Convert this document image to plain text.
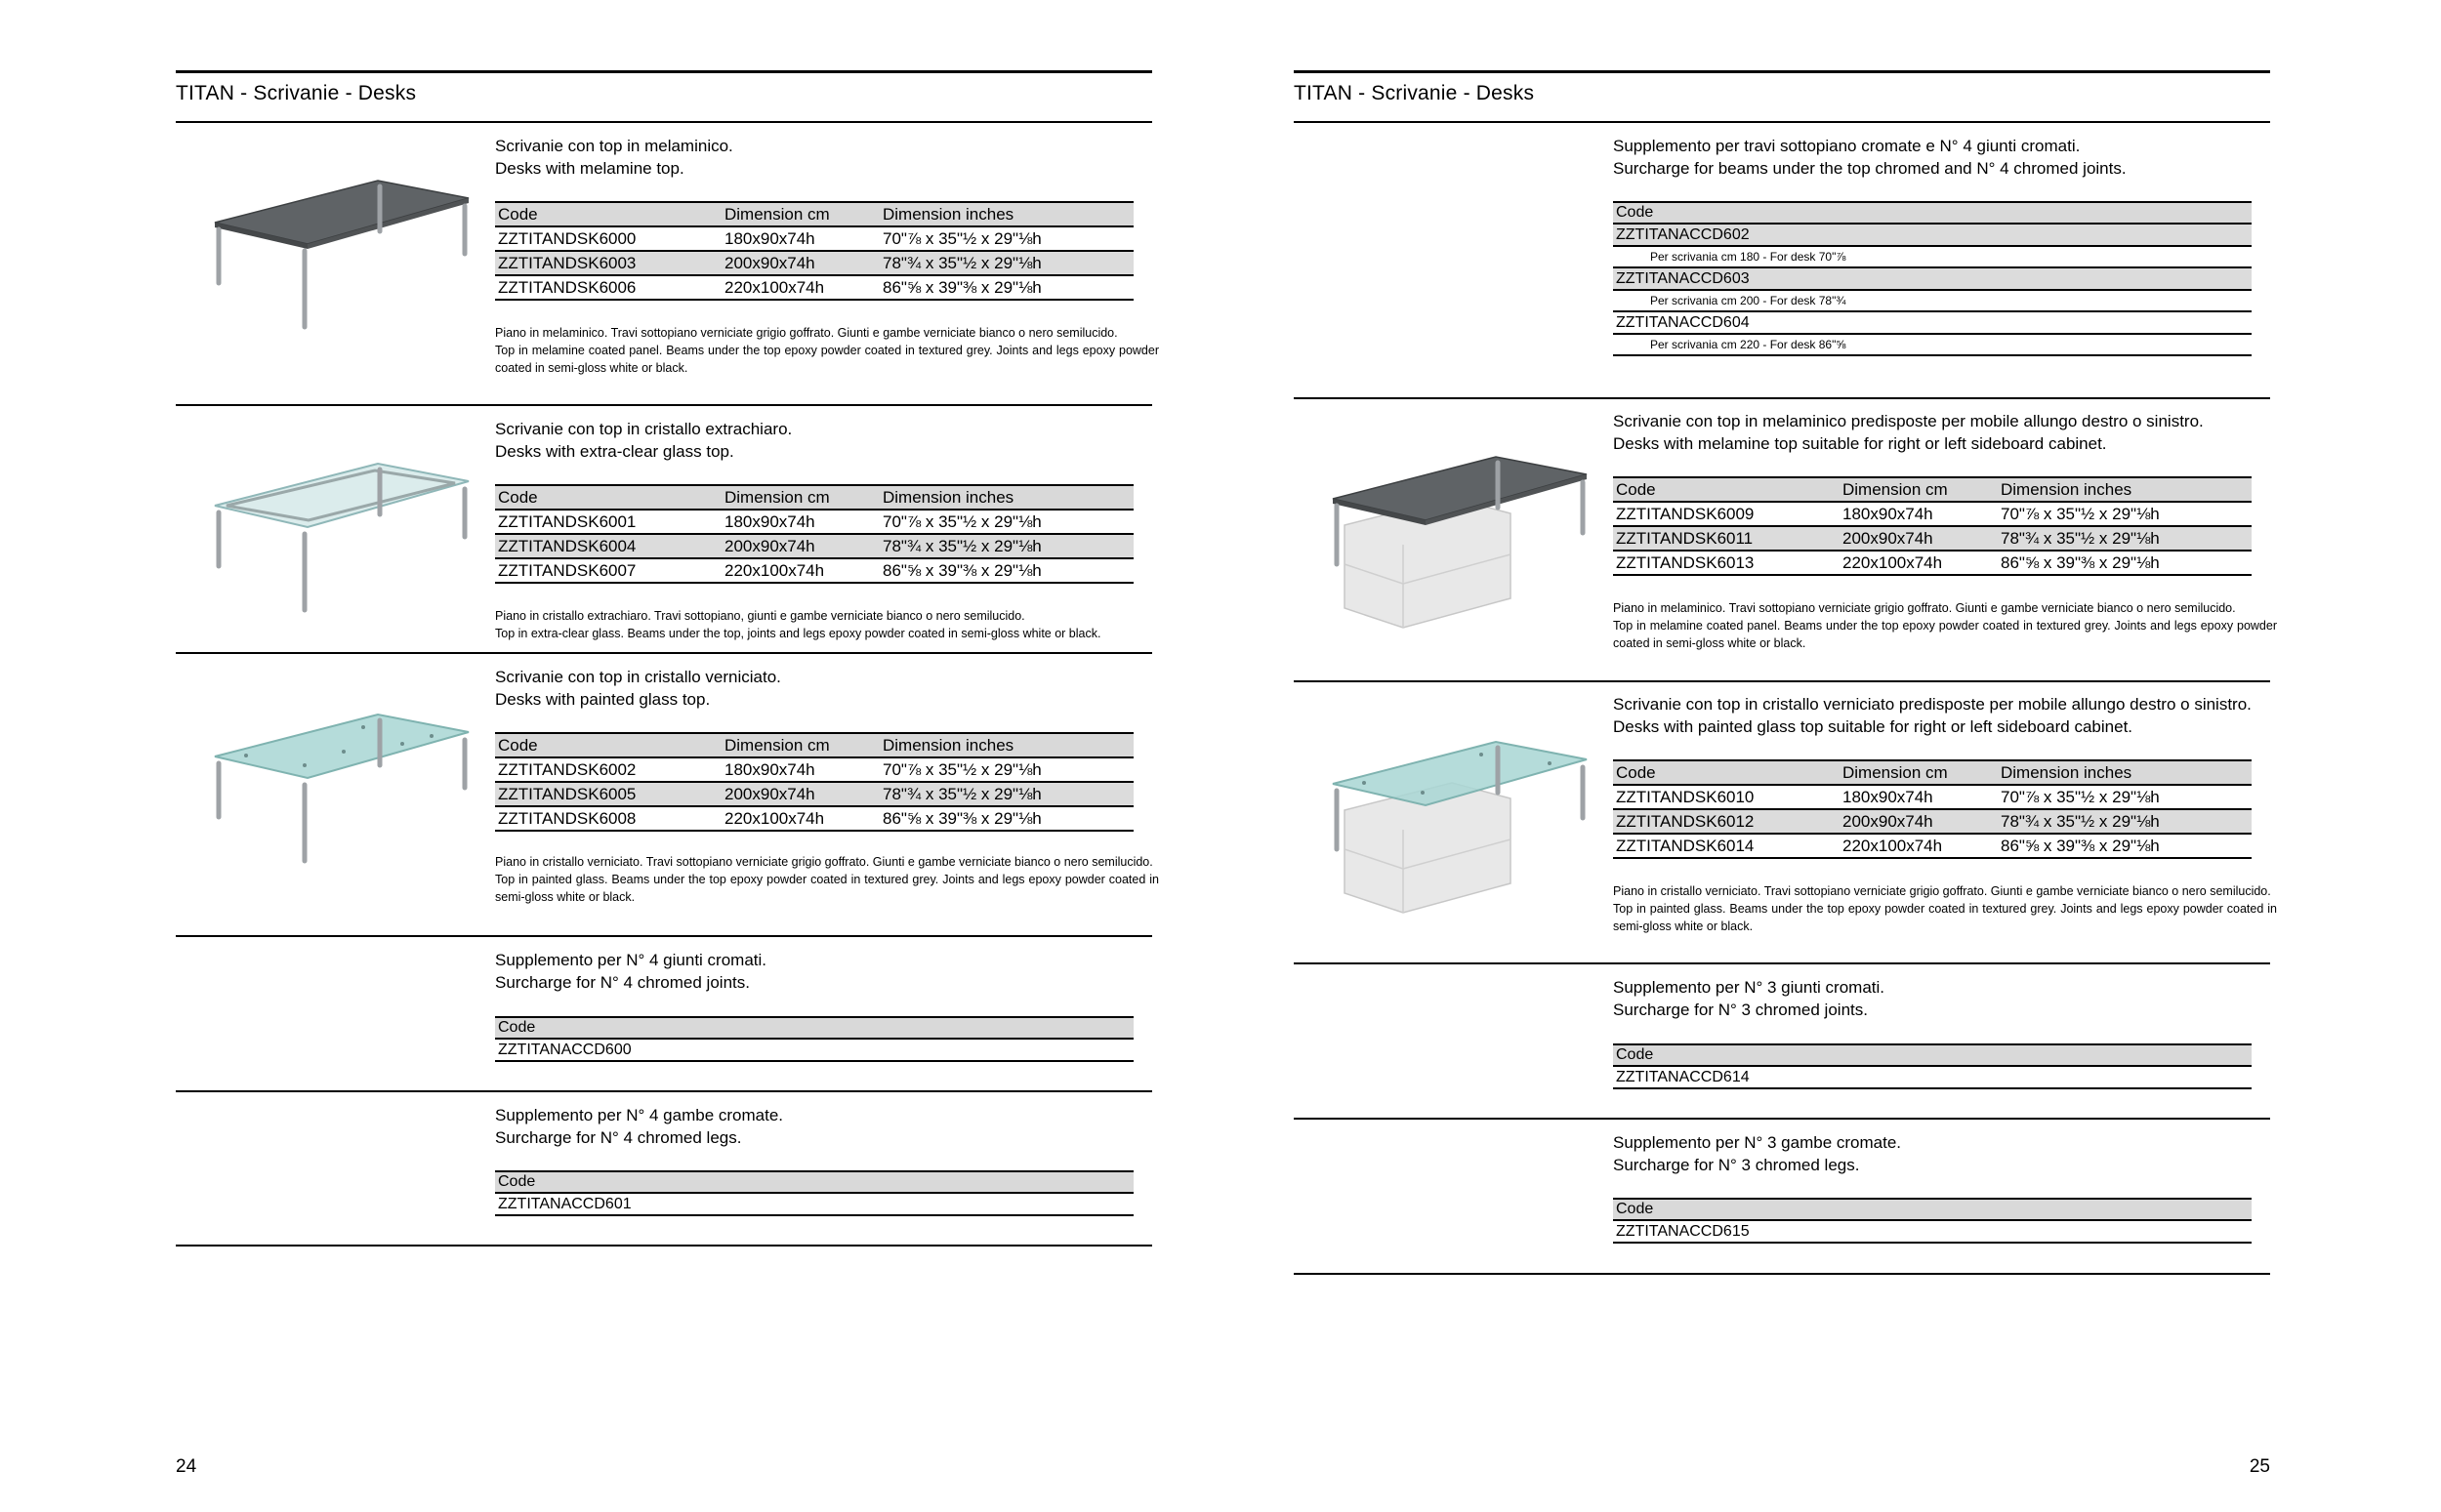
TITAN - Scrivanie - Desks
Scrivanie con top in melaminico.
Desks with melamine top.
Code	Dimension cm	Dimension inches
ZZTITANDSK6000	180x90x74h	70"⅞ x 35"½ x 29"⅛h
ZZTITANDSK6003	200x90x74h	78"¾ x 35"½ x 29"⅛h
ZZTITANDSK6006	220x100x74h	86"⅝ x 39"⅜ x 29"⅛h
Piano in melaminico. Travi sottopiano verniciate grigio goffrato. Giunti e gambe verniciate bianco o nero semilucido.
Top in melamine coated panel. Beams under the top epoxy powder coated in textured grey. Joints and legs epoxy powder coated in semi-gloss white or black.
Scrivanie con top in cristallo extrachiaro.
Desks with extra-clear glass top.
Code	Dimension cm	Dimension inches
ZZTITANDSK6001	180x90x74h	70"⅞ x 35"½ x 29"⅛h
ZZTITANDSK6004	200x90x74h	78"¾ x 35"½ x 29"⅛h
ZZTITANDSK6007	220x100x74h	86"⅝ x 39"⅜ x 29"⅛h
Piano in cristallo extrachiaro. Travi sottopiano, giunti e gambe verniciate bianco o nero semilucido.
Top in extra-clear glass. Beams under the top, joints and legs epoxy powder coated in semi-gloss white or black.
Scrivanie con top in cristallo verniciato.
Desks with painted glass top.
Code	Dimension cm	Dimension inches
ZZTITANDSK6002	180x90x74h	70"⅞ x 35"½ x 29"⅛h
ZZTITANDSK6005	200x90x74h	78"¾ x 35"½ x 29"⅛h
ZZTITANDSK6008	220x100x74h	86"⅝ x 39"⅜ x 29"⅛h
Piano in cristallo verniciato. Travi sottopiano verniciate grigio goffrato. Giunti e gambe verniciate bianco o nero semilucido.
Top in painted glass. Beams under the top epoxy powder coated in textured grey. Joints and legs epoxy powder coated in semi-gloss white or black.
Supplemento per N° 4 giunti cromati.
Surcharge for N° 4 chromed joints.
Code
ZZTITANACCD600
Supplemento per N° 4 gambe cromate.
Surcharge for N° 4 chromed legs.
Code
ZZTITANACCD601
24
TITAN - Scrivanie - Desks
Supplemento per travi sottopiano cromate e N° 4 giunti cromati.
Surcharge for beams under the top chromed and N° 4 chromed joints.
Code
ZZTITANACCD602
Per scrivania cm 180 - For desk 70"⅞
ZZTITANACCD603
Per scrivania cm 200 - For desk 78"¾
ZZTITANACCD604
Per scrivania cm 220 - For desk 86"⅝
Scrivanie con top in melaminico predisposte per mobile allungo destro o sinistro.
Desks with melamine top suitable for right or left sideboard cabinet.
Code	Dimension cm	Dimension inches
ZZTITANDSK6009	180x90x74h	70"⅞ x 35"½ x 29"⅛h
ZZTITANDSK6011	200x90x74h	78"¾ x 35"½ x 29"⅛h
ZZTITANDSK6013	220x100x74h	86"⅝ x 39"⅜ x 29"⅛h
Piano in melaminico. Travi sottopiano verniciate grigio goffrato. Giunti e gambe verniciate bianco o nero semilucido.
Top in melamine coated panel. Beams under the top epoxy powder coated in textured grey. Joints and legs epoxy powder coated in semi-gloss white or black.
Scrivanie con top in cristallo verniciato predisposte per mobile allungo destro o sinistro.
Desks with painted glass top suitable for right or left sideboard cabinet.
Code	Dimension cm	Dimension inches
ZZTITANDSK6010	180x90x74h	70"⅞ x 35"½ x 29"⅛h
ZZTITANDSK6012	200x90x74h	78"¾ x 35"½ x 29"⅛h
ZZTITANDSK6014	220x100x74h	86"⅝ x 39"⅜ x 29"⅛h
Piano in cristallo verniciato. Travi sottopiano verniciate grigio goffrato. Giunti e gambe verniciate bianco o nero semilucido.
Top in painted glass. Beams under the top epoxy powder coated in textured grey. Joints and legs epoxy powder coated in semi-gloss white or black.
Supplemento per N° 3 giunti cromati.
Surcharge for N° 3 chromed joints.
Code
ZZTITANACCD614
Supplemento per N° 3 gambe cromate.
Surcharge for N° 3 chromed legs.
Code
ZZTITANACCD615
25
